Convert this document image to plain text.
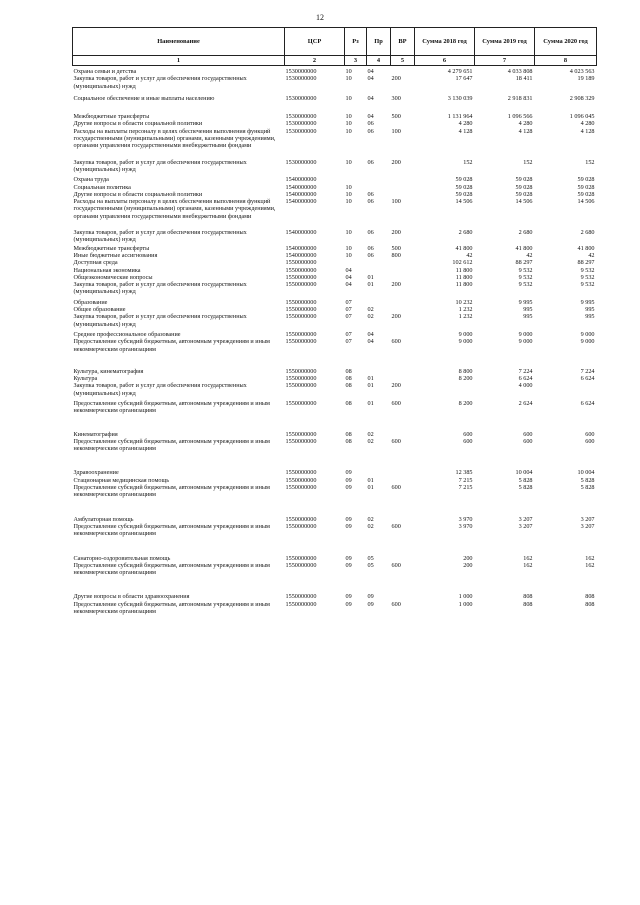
12
Наименование	ЦСР	Рз	Пр	ВР	Сумма 2018 год	Сумма 2019 год	Сумма 2020 год
1	2	3	4	5	6	7	8
Охрана семьи и детства	1530000000	10	04		4 279 651	4 033 808	4 023 563
Закупка товаров, работ и услуг для обеспечения государственных (муниципальных) нужд	1530000000	10	04	200	17 647	18 411	19 189

Социальное обеспечение и иные выплаты населению	1530000000	10	04	300	3 130 039	2 918 831	2 908 329

Межбюджетные трансферты	1530000000	10	04	500	1 131 964	1 096 566	1 096 045
Другие вопросы в области социальной политики	1530000000	10	06		4 280	4 280	4 280
Расходы на выплаты персоналу в целях обеспечения выполнения функций государственными (муниципальными) органами, казенными учреждениями, органами управления государственными внебюджетными фондами	1530000000	10	06	100	4 128	4 128	4 128

Закупка товаров, работ и услуг для обеспечения государственных (муниципальных) нужд	1530000000	10	06	200	152	152	152

Охрана труда	1540000000				59 028	59 028	59 028
Социальная политика	1540000000	10			59 028	59 028	59 028
Другие вопросы в области социальной политики	1540000000	10	06		59 028	59 028	59 028
Расходы на выплаты персоналу в целях обеспечения выполнения функций государственными (муниципальными) органами, казенными учреждениями, органами управления государственными внебюджетными фондами	1540000000	10	06	100	14 506	14 506	14 506

Закупка товаров, работ и услуг для обеспечения государственных (муниципальных) нужд	1540000000	10	06	200	2 680	2 680	2 680

Межбюджетные трансферты	1540000000	10	06	500	41 800	41 800	41 800
Иные бюджетные ассигнования	1540000000	10	06	800	42	42	42
Доступная среда	1550000000				102 612	88 297	88 297
Национальная экономика	1550000000	04			11 800	9 532	9 532
Общеэкономические вопросы	1550000000	04	01		11 800	9 532	9 532
Закупка товаров, работ и услуг для обеспечения государственных (муниципальных) нужд	1550000000	04	01	200	11 800	9 532	9 532

Образование	1550000000	07			10 232	9 995	9 995
Общее образование	1550000000	07	02		1 232	995	995
Закупка товаров, работ и услуг для обеспечения государственных (муниципальных) нужд	1550000000	07	02	200	1 232	995	995

Среднее профессиональное образование	1550000000	07	04		9 000	9 000	9 000
Предоставление субсидий бюджетным, автономным учреждениям и иным некоммерческим организациям	1550000000	07	04	600	9 000	9 000	9 000

Культура, кинематография	1550000000	08			8 800	7 224	7 224
Культура	1550000000	08	01		8 200	6 624	6 624
Закупка товаров, работ и услуг для обеспечения государственных (муниципальных) нужд	1550000000	08	01	200		4 000	

Предоставление субсидий бюджетным, автономным учреждениям и иным некоммерческим организациям	1550000000	08	01	600	8 200	2 624	6 624

Кинематография	1550000000	08	02		600	600	600
Предоставление субсидий бюджетным, автономным учреждениям и иным некоммерческим организациям	1550000000	08	02	600	600	600	600

Здравоохранение	1550000000	09			12 385	10 004	10 004
Стационарная медицинская помощь	1550000000	09	01		7 215	5 828	5 828
Предоставление субсидий бюджетным, автономным учреждениям и иным некоммерческим организациям	1550000000	09	01	600	7 215	5 828	5 828

Амбулаторная помощь	1550000000	09	02		3 970	3 207	3 207
Предоставление субсидий бюджетным, автономным учреждениям и иным некоммерческим организациям	1550000000	09	02	600	3 970	3 207	3 207

Санаторно-оздоровительная помощь	1550000000	09	05		200	162	162
Предоставление субсидий бюджетным, автономным учреждениям и иным некоммерческим организациям	1550000000	09	05	600	200	162	162

Другие вопросы в области здравоохранения	1550000000	09	09		1 000	808	808
Предоставление субсидий бюджетным, автономным учреждениям и иным некоммерческим организациям	1550000000	09	09	600	1 000	808	808
